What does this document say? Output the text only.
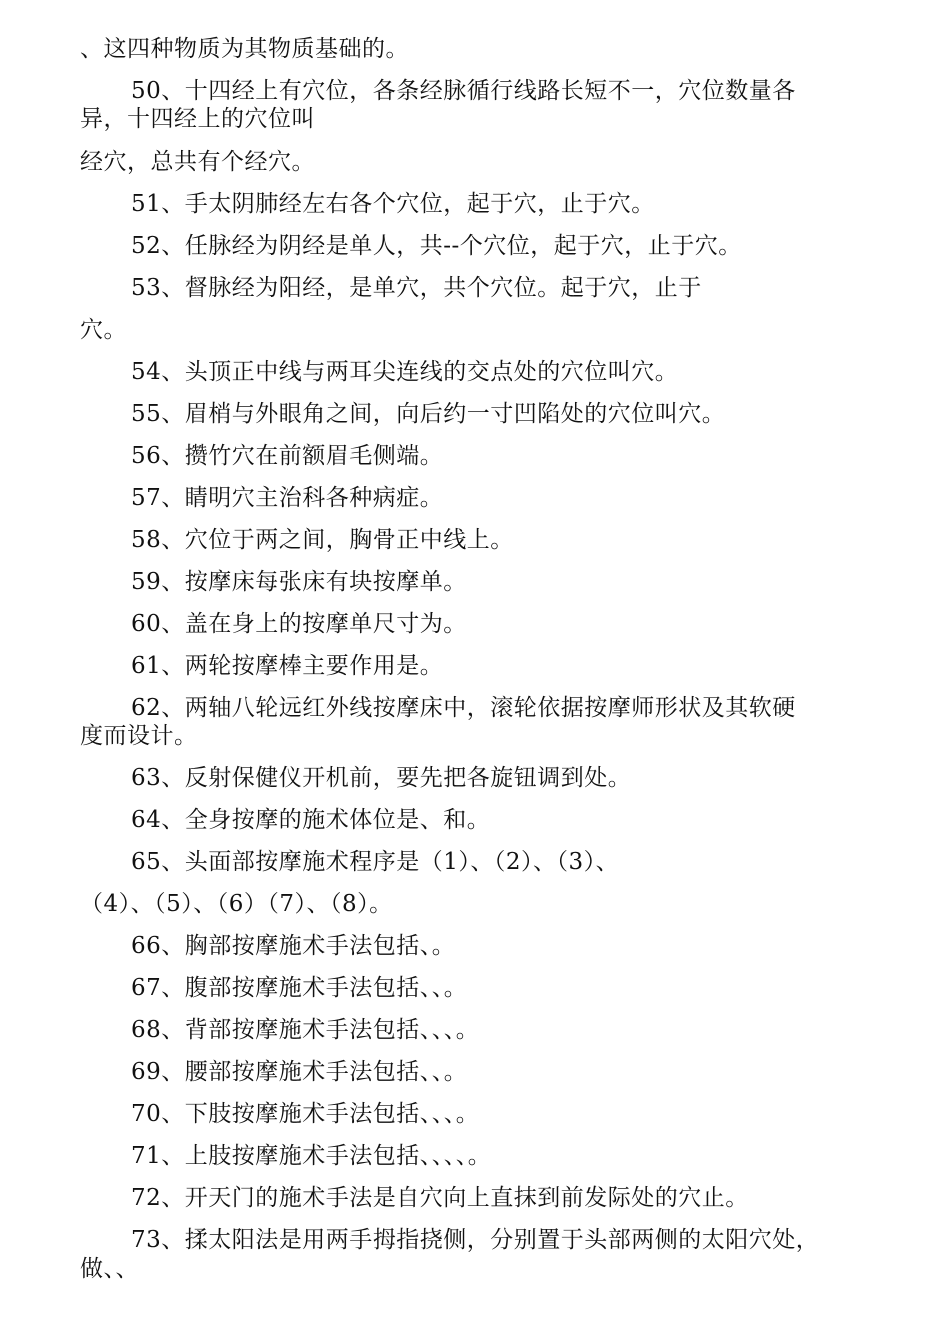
、这四种物质为其物质基础的。
50、十四经上有穴位，各条经脉循行线路长短不一，穴位数量各
异，十四经上的穴位叫
经穴，总共有个经穴。
51、手太阴肺经左右各个穴位，起于穴，止于穴。
52、任脉经为阴经是单人，共--个穴位，起于穴，止于穴。
53、督脉经为阳经，是单穴，共个穴位。起于穴，止于
穴。
54、头顶正中线与两耳尖连线的交点处的穴位叫穴。
55、眉梢与外眼角之间，向后约一寸凹陷处的穴位叫穴。
56、攒竹穴在前额眉毛侧端。
57、睛明穴主治科各种病症。
58、穴位于两之间，胸骨正中线上。
59、按摩床每张床有块按摩单。
60、盖在身上的按摩单尺寸为。
61、两轮按摩棒主要作用是。
62、两轴八轮远红外线按摩床中，滚轮依据按摩师形状及其软硬
度而设计。
63、反射保健仪开机前，要先把各旋钮调到处。
64、全身按摩的施术体位是、和。
65、头面部按摩施术程序是（1）、（2）、（3）、
（4）、（5）、（6）（7）、（8）。
66、胸部按摩施术手法包括、。
67、腹部按摩施术手法包括、、。
68、背部按摩施术手法包括、、、。
69、腰部按摩施术手法包括、、。
70、下肢按摩施术手法包括、、、。
71、上肢按摩施术手法包括、、、、。
72、开天门的施术手法是自穴向上直抹到前发际处的穴止。
73、揉太阳法是用两手拇指挠侧，分别置于头部两侧的太阳穴处，
做、、
